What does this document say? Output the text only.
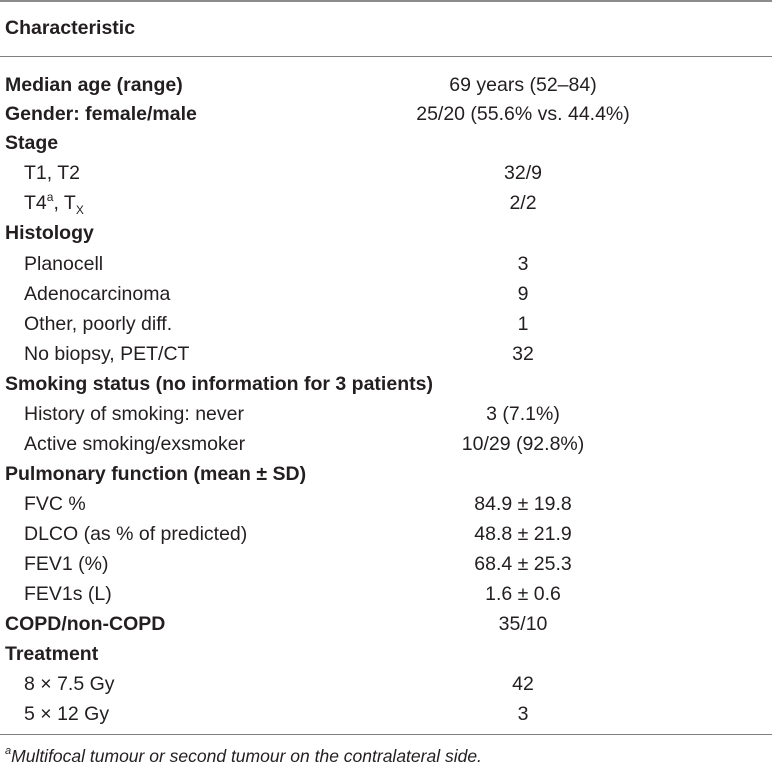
Characteristic
Median age (range)	69 years (52–84)
Gender: female/male	25/20 (55.6% vs. 44.4%)
Stage
T1, T2	32/9
T4$^a$, $T_X$	2/2
Histology
Planocell	3
Adenocarcinoma	9
Other, poorly diff.	1
No biopsy, PET/CT	32
Smoking status (no information for 3 patients)
History of smoking: never	3 (7.1%)
Active smoking/exsmoker	10/29 (92.8%)
Pulmonary function (mean ± SD)
FVC %	84.9 ± 19.8
DLCO (as % of predicted)	48.8 ± 21.9
FEV1 (%)	68.4 ± 25.3
FEV1s (L)	1.6 ± 0.6
COPD/non-COPD	35/10
Treatment
8 × 7.5 Gy	42
5 × 12 Gy	3
$^a$Multifocal tumour or second tumour on the contralateral side.
